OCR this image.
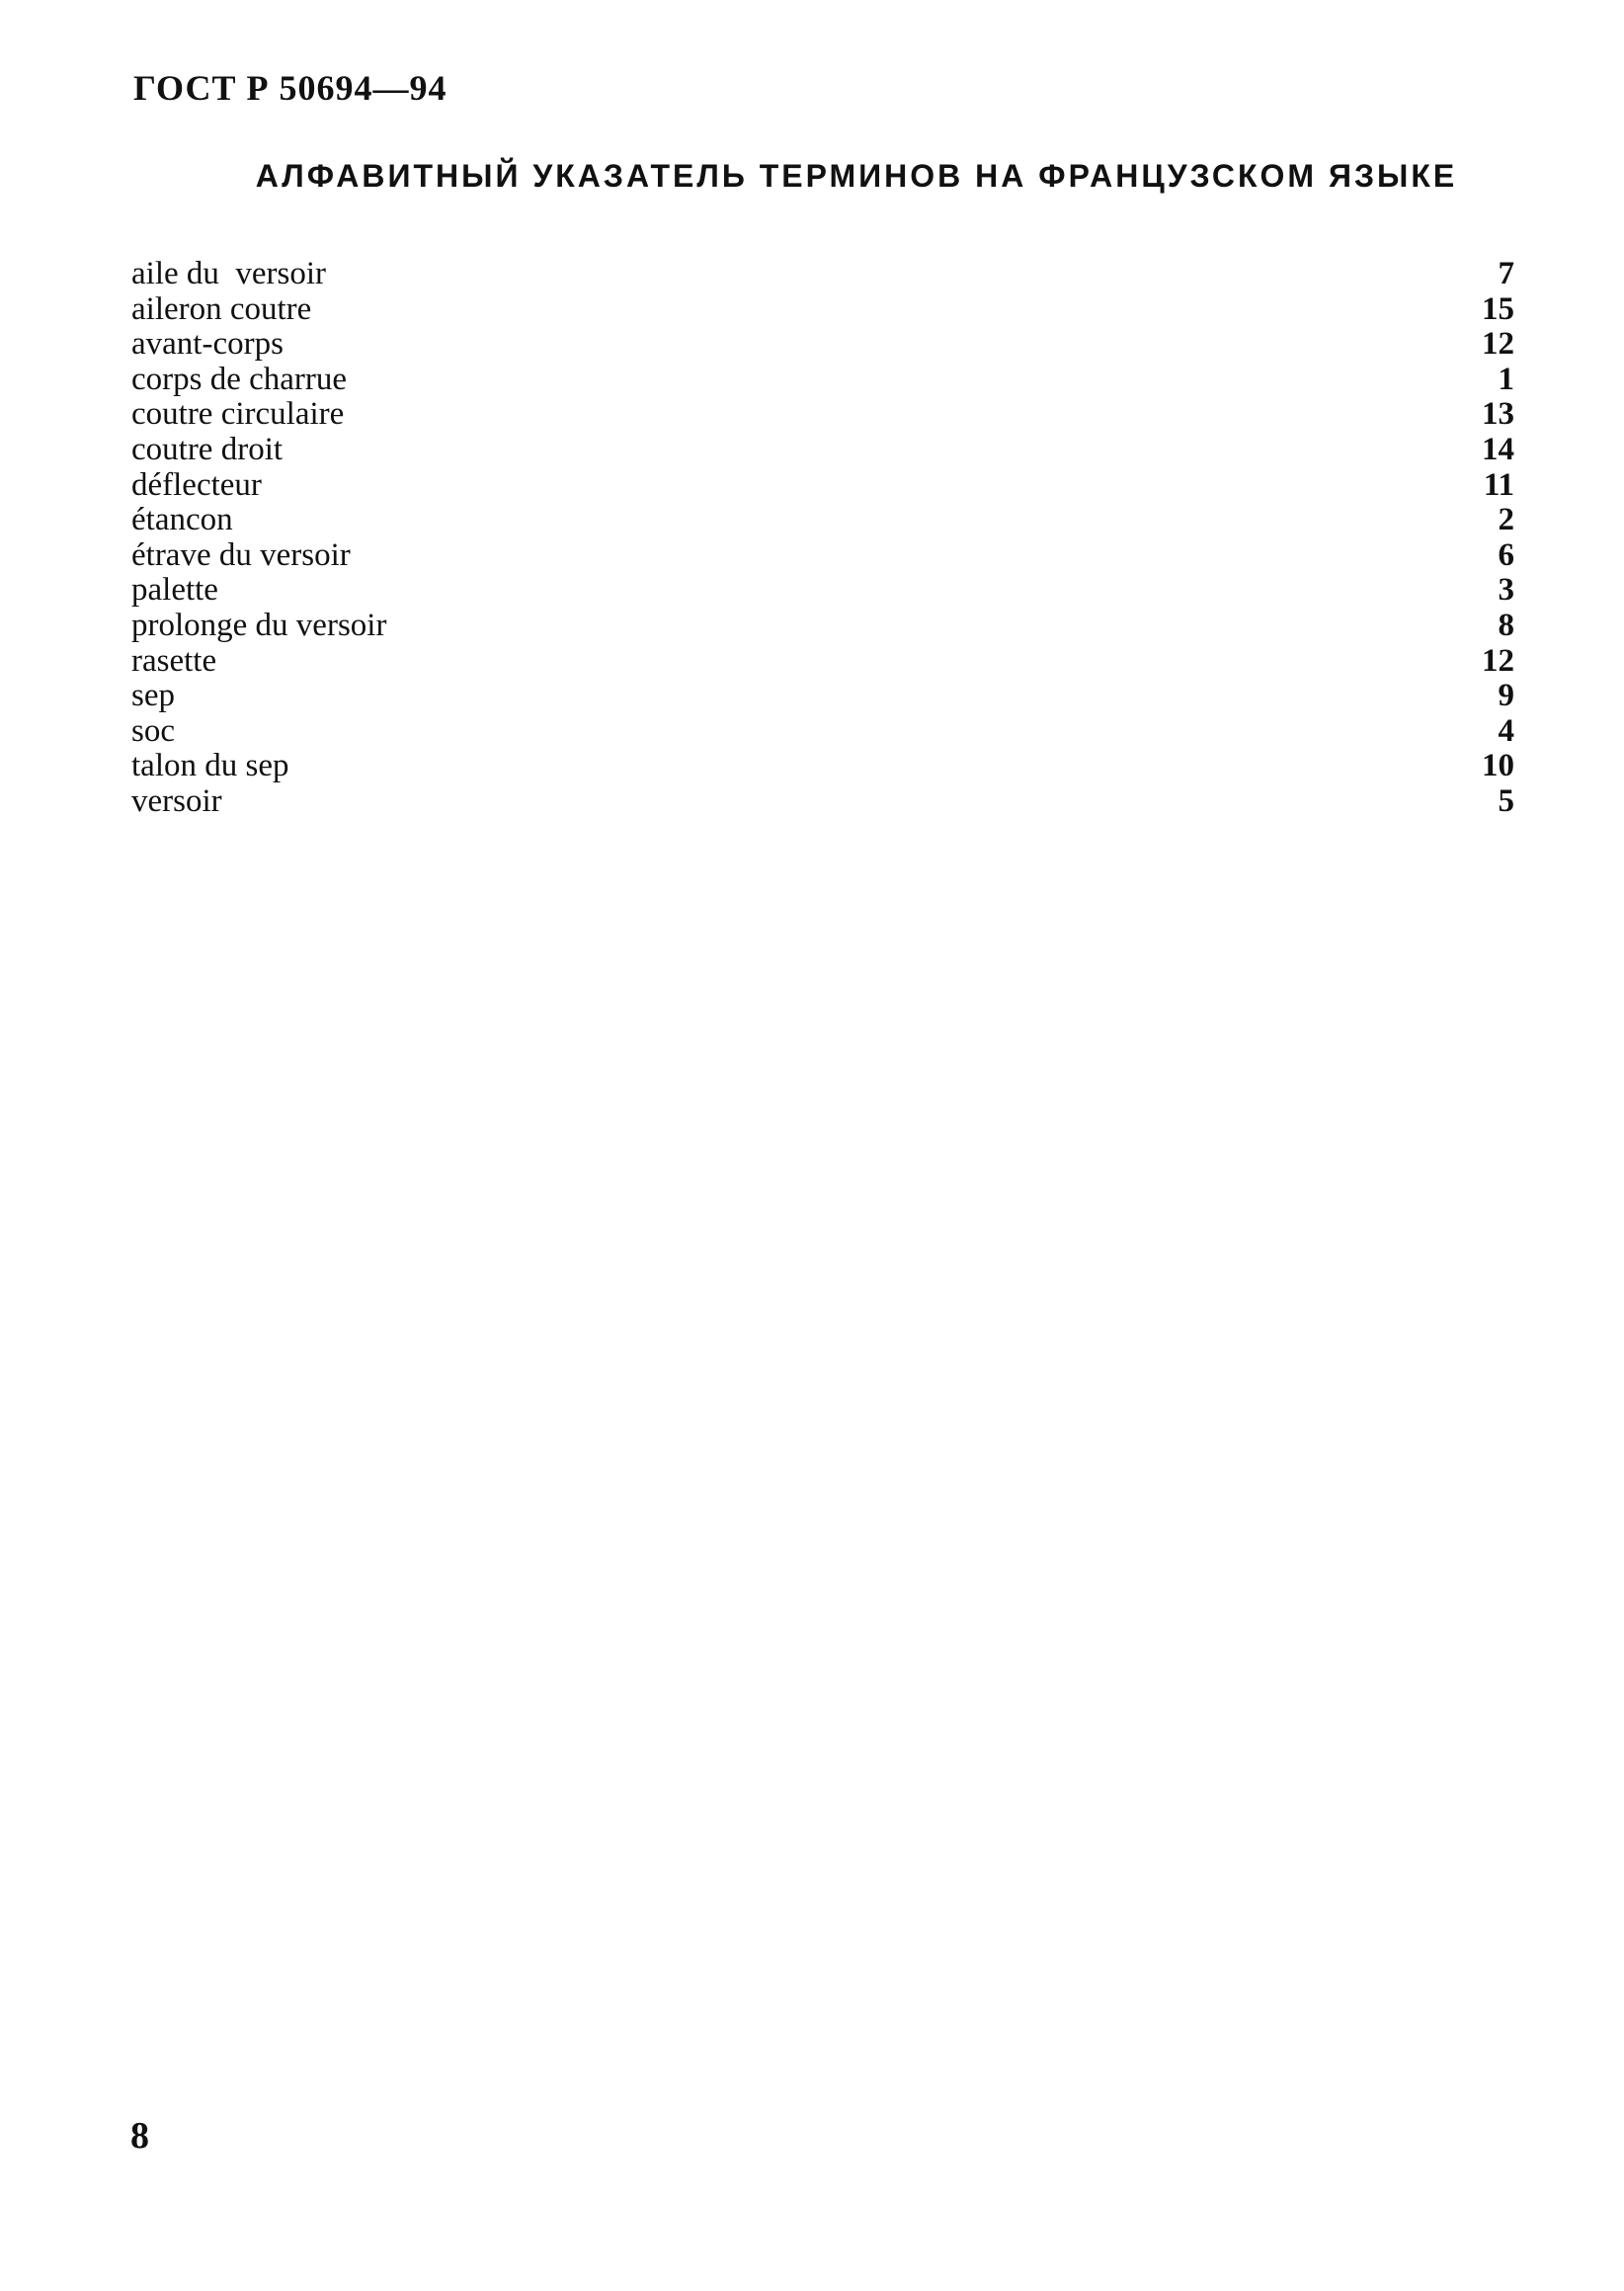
ГОСТ Р 50694—94
АЛФАВИТНЫЙ УКАЗАТЕЛЬ ТЕРМИНОВ НА ФРАНЦУЗСКОМ ЯЗЫКЕ
aile du  versoir	7
aileron coutre	15
avant-corps	12
corps de charrue	1
coutre circulaire	13
coutre droit	14
déflecteur	11
étancon	2
étrave du versoir	6
palette	3
prolonge du versoir	8
rasette	12
sep	9
soc	4
talon du sep	10
versoir	5
8
